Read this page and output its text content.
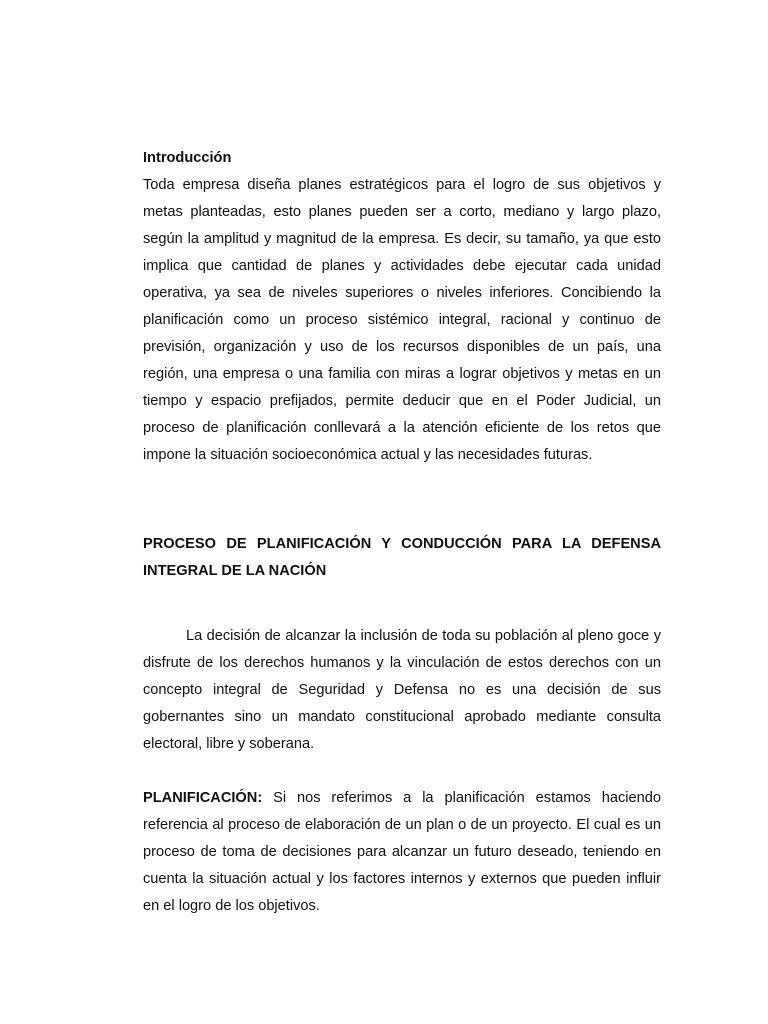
Introducción

Toda empresa diseña planes estratégicos para el logro de sus objetivos y metas planteadas, esto planes pueden ser a corto, mediano y largo plazo, según la amplitud y magnitud de la empresa. Es decir, su tamaño, ya que esto implica que cantidad de planes y actividades debe ejecutar cada unidad operativa, ya sea de niveles superiores o niveles inferiores. Concibiendo la planificación como un proceso sistémico integral, racional y continuo de previsión, organización y uso de los recursos disponibles de un país, una región, una empresa o una familia con miras a lograr objetivos y metas en un tiempo y espacio prefijados, permite deducir que en el Poder Judicial, un proceso de planificación conllevará a la atención eficiente de los retos que impone la situación socioeconómica actual y las necesidades futuras.

PROCESO DE PLANIFICACIÓN Y CONDUCCIÓN PARA LA DEFENSA INTEGRAL DE LA NACIÓN

La decisión de alcanzar la inclusión de toda su población al pleno goce y disfrute de los derechos humanos y la vinculación de estos derechos con un concepto integral de Seguridad y Defensa no es una decisión de sus gobernantes sino un mandato constitucional aprobado mediante consulta electoral, libre y soberana.

PLANIFICACIÓN: Si nos referimos a la planificación estamos haciendo referencia al proceso de elaboración de un plan o de un proyecto. El cual es un proceso de toma de decisiones para alcanzar un futuro deseado, teniendo en cuenta la situación actual y los factores internos y externos que pueden influir en el logro de los objetivos.
